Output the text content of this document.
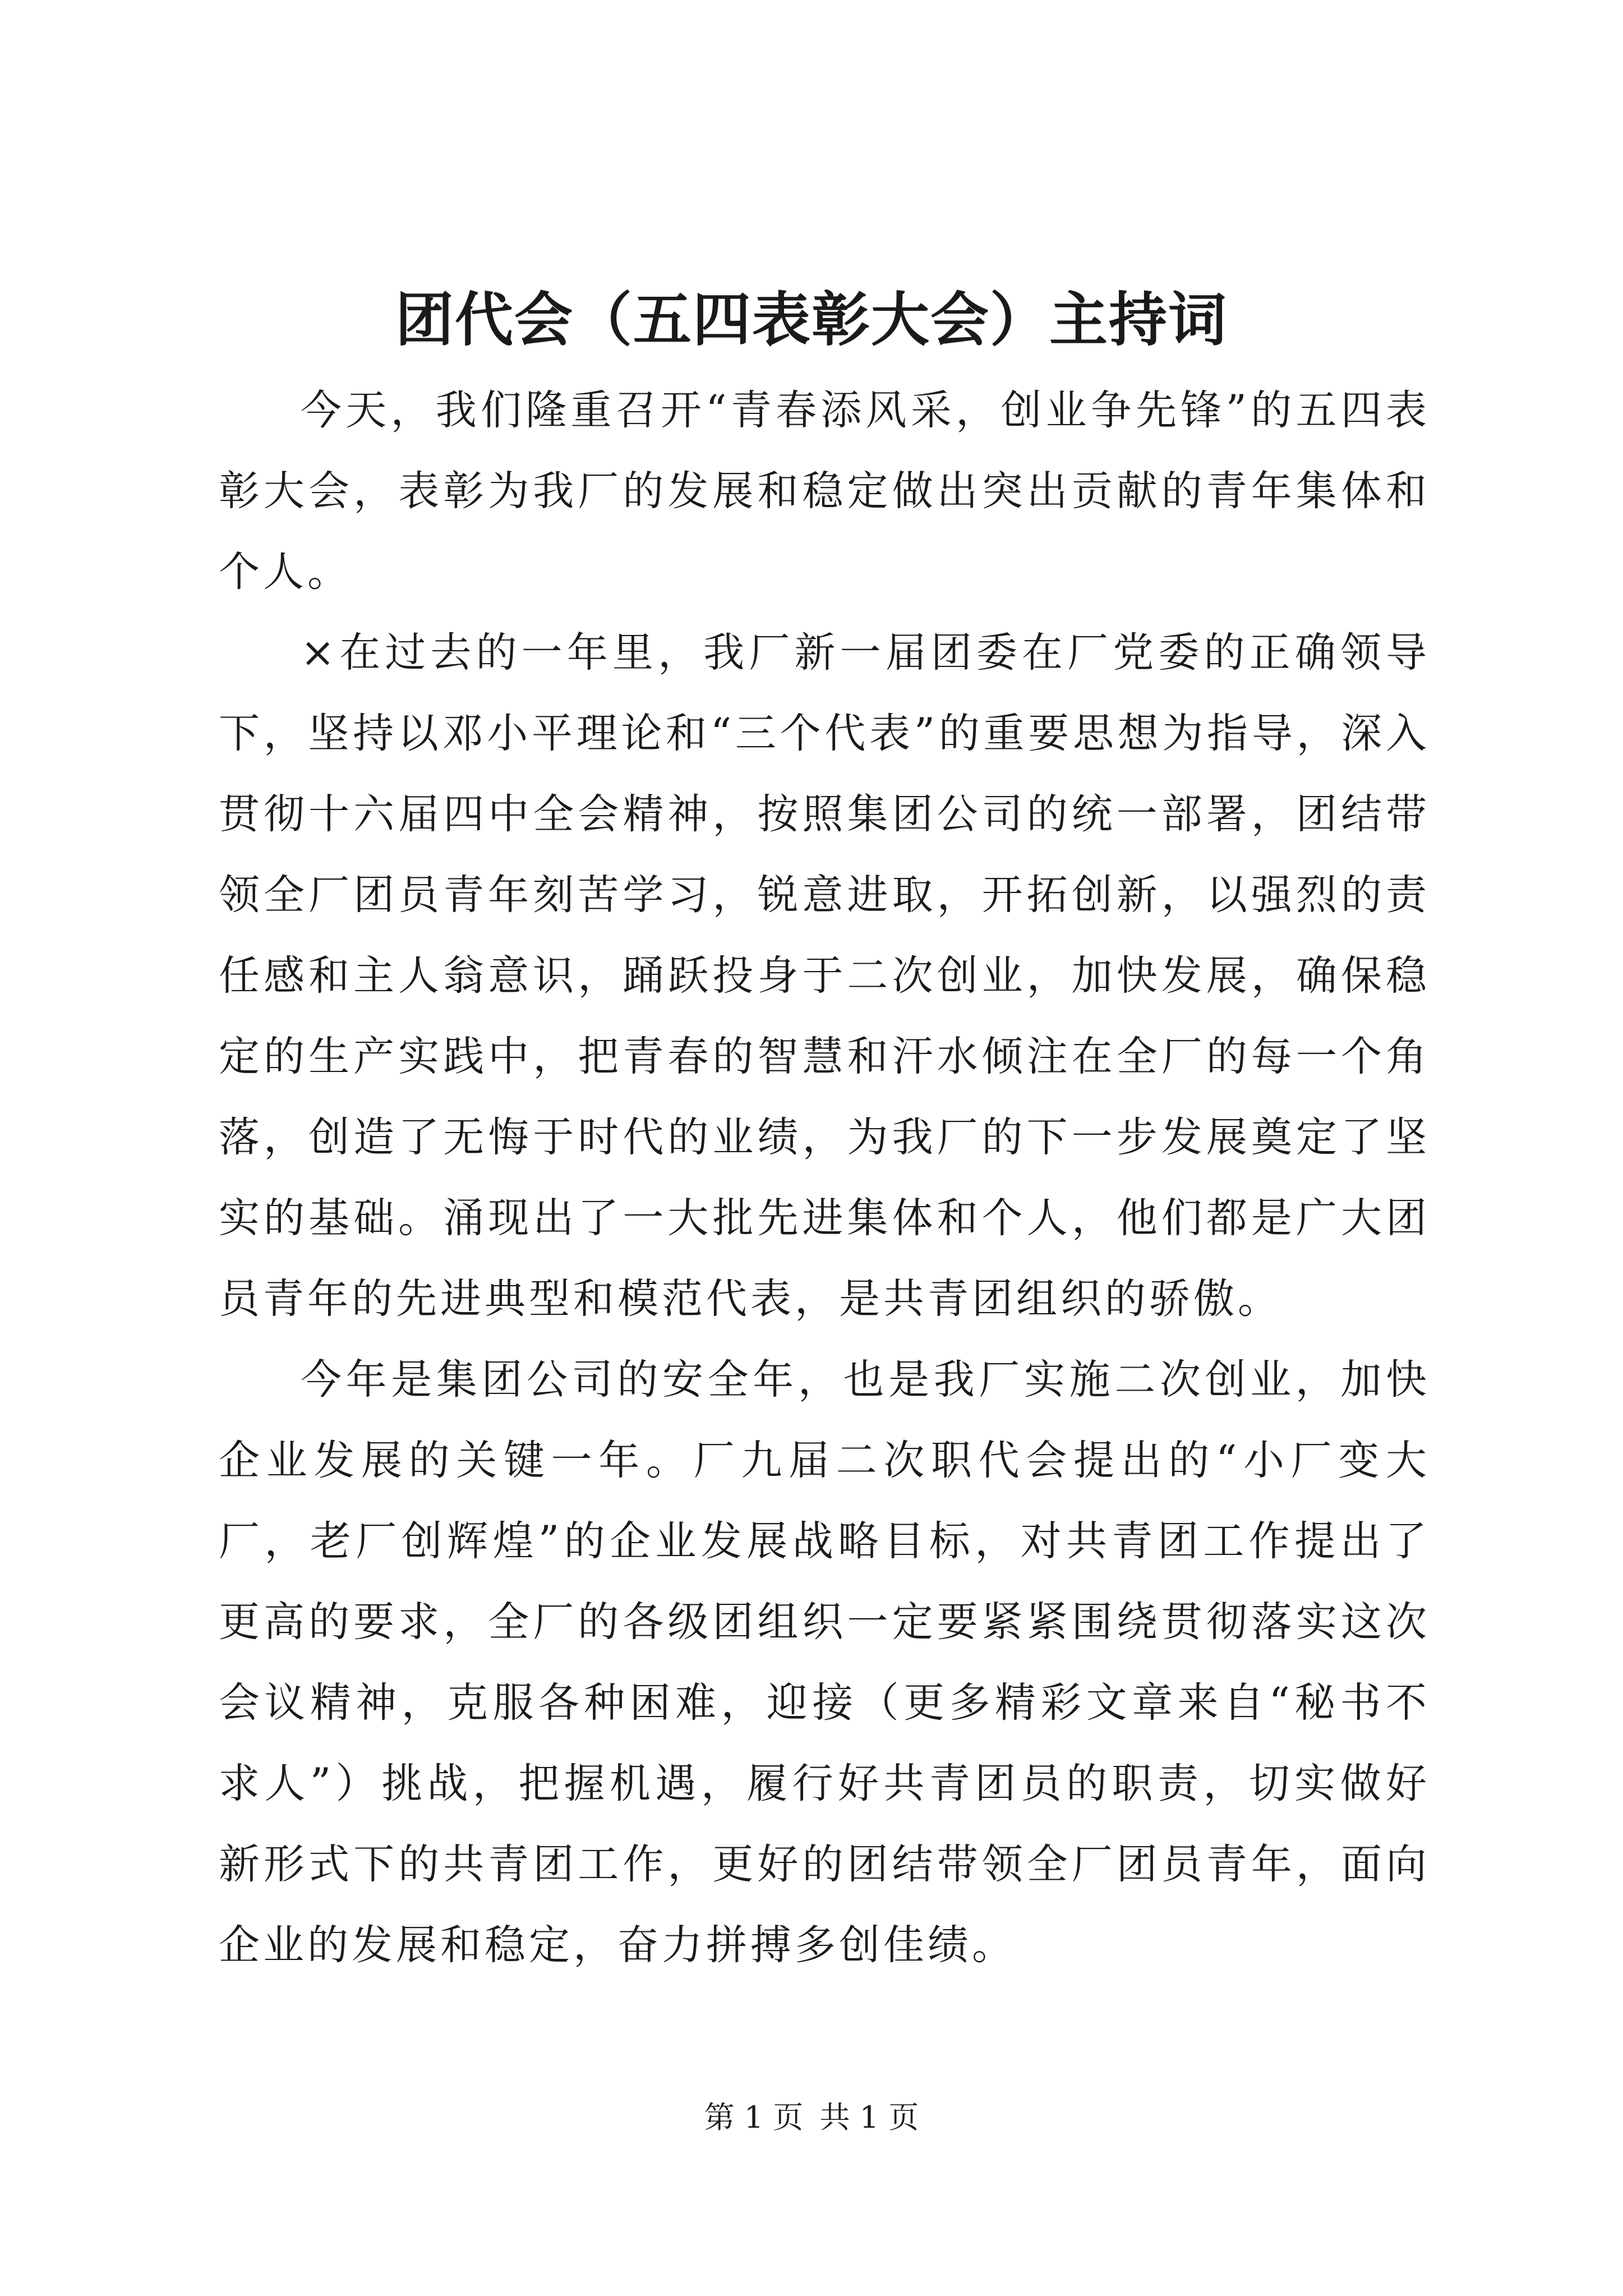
团代会（五四表彰大会）主持词

今天，我们隆重召开“青春添风采，创业争先锋”的五四表彰大会，表彰为我厂的发展和稳定做出突出贡献的青年集体和个人。

×在过去的一年里，我厂新一届团委在厂党委的正确领导下，坚持以邓小平理论和“三个代表”的重要思想为指导，深入贯彻十六届四中全会精神，按照集团公司的统一部署，团结带领全厂团员青年刻苦学习，锐意进取，开拓创新，以强烈的责任感和主人翁意识，踊跃投身于二次创业，加快发展，确保稳定的生产实践中，把青春的智慧和汗水倾注在全厂的每一个角落，创造了无悔于时代的业绩，为我厂的下一步发展奠定了坚实的基础。涌现出了一大批先进集体和个人，他们都是广大团员青年的先进典型和模范代表，是共青团组织的骄傲。

今年是集团公司的安全年，也是我厂实施二次创业，加快企业发展的关键一年。厂九届二次职代会提出的“小厂变大厂，老厂创辉煌”的企业发展战略目标，对共青团工作提出了更高的要求，全厂的各级团组织一定要紧紧围绕贯彻落实这次会议精神，克服各种困难，迎接（更多精彩文章来自“秘书不求人”）挑战，把握机遇，履行好共青团员的职责，切实做好新形式下的共青团工作，更好的团结带领全厂团员青年，面向企业的发展和稳定，奋力拼搏多创佳绩。

第 1 页 共 1 页
